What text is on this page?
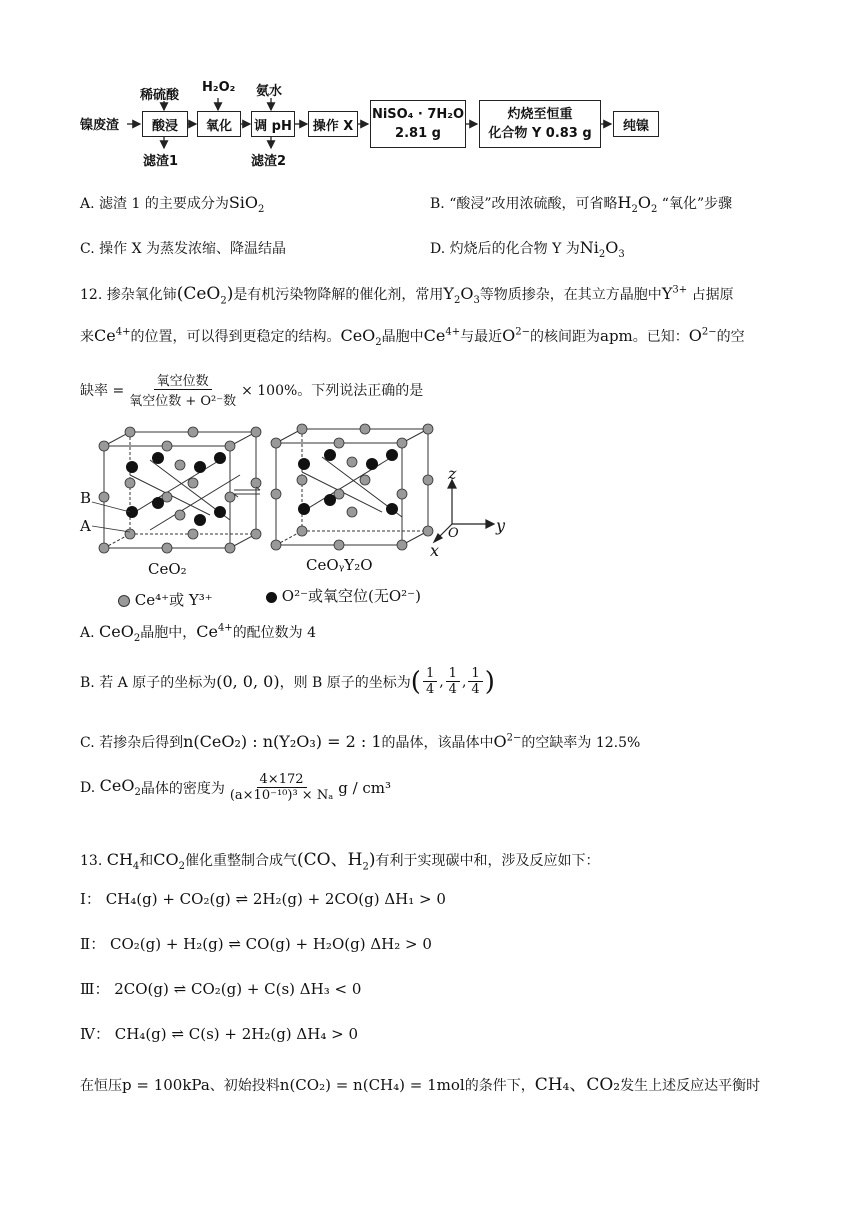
镍废渣
稀硫酸
酸浸
滤渣1
H₂O₂
氧化
氨水
调 pH
滤渣2
操作 X
NiSO₄ · 7H₂O
2.81 g
灼烧至恒重
化合物 Y 0.83 g	纯镍
A. 滤渣 1 的主要成分为SiO$_2$	B. “酸浸”改用浓硫酸，可省略$H_2O_2$ “氧化”步骤
C. 操作 X 为蒸发浓缩、降温结晶	D. 灼烧后的化合物 Y 为$Ni_2O_3$
12. 掺杂氧化铈(CeO$_2$)是有机污染物降解的催化剂，常用$Y_2O_3$等物质掺杂，在其立方晶胞中$Y^{3+}$ 占据原
来$Ce^{4+}$的位置，可以得到更稳定的结构。CeO$_2$晶胞中$Ce^{4+}$与最近$O^{2-}$的核间距为apm。已知：$O^{2-}$的空
缺率 = $\frac{\text{氧空位数}}{\text{氧空位数 + O²⁻数}} \times 100\%$。下列说法正确的是
B
A
z
y
x
O
CeO₂	CeOᵧY₂O
Ce⁴⁺或 Y³⁺	O²⁻或氧空位(无O²⁻)
A. CeO$_2$晶胞中，$Ce^{4+}$的配位数为 4
B. 若 A 原子的坐标为 (0, 0, 0) ，则 B 原子的坐标为 ( $\frac{1}{4}$ , $\frac{1}{4}$ , $\frac{1}{4}$ )
C. 若掺杂后得到n(CeO₂) : n(Y₂O₃) = 2 : 1的晶体，该晶体中$O^{2-}$的空缺率为 12.5%
D.
CeO$_2$ 晶体的密度为 $\frac{4\times 172}{\text{(a×10⁻¹⁰)³ × Nₐ}}$ g / cm³
13. $CH_4$和$CO_2$催化重整制合成气(CO、$H_2$)有利于实现碳中和，涉及反应如下：
Ⅰ： CH₄(g) + CO₂(g) ⇌ 2H₂(g) + 2CO(g) ΔH₁ > 0
Ⅱ： CO₂(g) + H₂(g) ⇌ CO(g) + H₂O(g) ΔH₂ > 0
Ⅲ： 2CO(g) ⇌ CO₂(g) + C(s) ΔH₃ < 0
Ⅳ： CH₄(g) ⇌ C(s) + 2H₂(g) ΔH₄ > 0
在恒压p = 100kPa、初始投料n(CO₂) = n(CH₄) = 1mol的条件下，CH₄、CO₂发生上述反应达平衡时
